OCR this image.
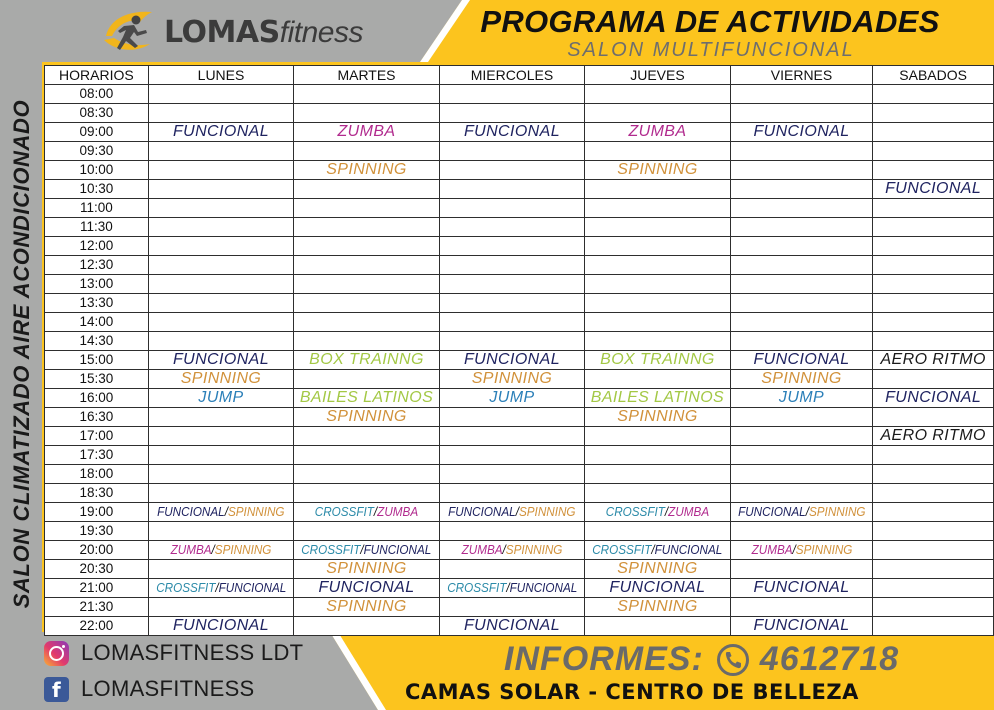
LOMASfitness	PROGRAMA DE ACTIVIDADES
SALON MULTIFUNCIONAL
SALON CLIMATIZADO AIRE ACONDICIONADO
HORARIOS	LUNES	MARTES	MIERCOLES	JUEVES	VIERNES	SABADOS
08:00						
08:30						
09:00	FUNCIONAL	ZUMBA	FUNCIONAL	ZUMBA	FUNCIONAL	
09:30						
10:00		SPINNING		SPINNING		
10:30						FUNCIONAL
11:00						
11:30						
12:00						
12:30						
13:00						
13:30						
14:00						
14:30						
15:00	FUNCIONAL	BOX TRAINNG	FUNCIONAL	BOX TRAINNG	FUNCIONAL	AERO RITMO
15:30	SPINNING		SPINNING		SPINNING	
16:00	JUMP	BAILES LATINOS	JUMP	BAILES LATINOS	JUMP	FUNCIONAL
16:30		SPINNING		SPINNING		
17:00						AERO RITMO
17:30						
18:00						
18:30						
19:00	FUNCIONAL/SPINNING	CROSSFIT/ZUMBA	FUNCIONAL/SPINNING	CROSSFIT/ZUMBA	FUNCIONAL/SPINNING	
19:30						
20:00	ZUMBA/SPINNING	CROSSFIT/FUNCIONAL	ZUMBA/SPINNING	CROSSFIT/FUNCIONAL	ZUMBA/SPINNING	
20:30		SPINNING		SPINNING		
21:00	CROSSFIT/FUNCIONAL	FUNCIONAL	CROSSFIT/FUNCIONAL	FUNCIONAL	FUNCIONAL	
21:30		SPINNING		SPINNING		
22:00	FUNCIONAL		FUNCIONAL		FUNCIONAL	
LOMASFITNESS LDT
f LOMASFITNESS
INFORMES: 4612718
CAMAS SOLAR - CENTRO DE BELLEZA
